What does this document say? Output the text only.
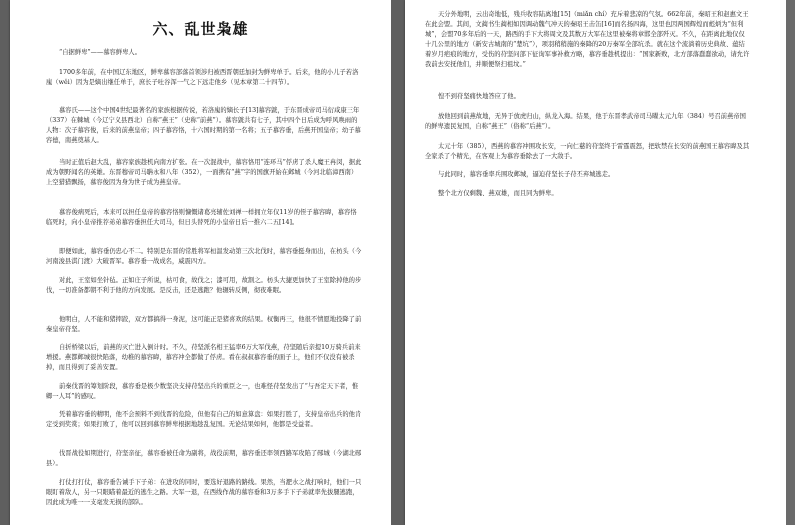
六、乱世枭雄

“自据鲜卑”——慕容鲜卑人。

1700多年前，在中国辽东地区，鲜卑慕容部落首领涉归被西晋朝廷加封为鲜卑单于。后来，他的小儿子若洛廆（wěi）因为是嫡出继任单于，庶长子吐谷浑一气之下远走他乡（见本章第二十四节）。

慕容氏——这个中国4世纪最著名的家族根据传说，若洛廆的嫡长子[13]慕容皝，于东晋成帝司马衍咸康三年（337）在棘城（今辽宁义县西北）自称“燕王”（史称“前燕”）。慕容皝共有七子，其中四个日后成为呼风唤雨的人物：次子慕容俊，后来的前燕皇帝；四子慕容恪，十六国时期的第一名将；五子慕容垂，后燕开国皇帝；幼子慕容德，南燕奠基人。

当时正值后赵大乱，慕容家族趁机向南方扩张。在一次混战中，慕容恪用“连环马”俘虏了杀人魔王冉闵，据此成为朝野闻名的英雄。东晋穆帝司马聃永和八年（352），一面携有“燕”字的国旗开始在邺城（今河北临漳西南）上空猎猎飘扬，慕容俊因为身为世子成为燕皇帝。

慕容俊病死后，本来可以担任皇帝的慕容恪则慷慨诸葛亮辅佐刘禅一样拥立年仅11岁的侄子慕容暐，慕容恪临死时，向小皇帝推荐弟弟慕容垂担任大司马，但日头替死的小皇帝日后一推六二五[14]。

即便如此，慕容垂仍忠心不二。特别是东晋的常胜将军桓温发动第三次北伐时，慕容垂挺身而出，在枋头（今河南浚县淇门渡）大破晋军。慕容垂一战成名，威震四方。

对此，王室如坐针毡。正如庄子所说，枯可食，故伐之；漆可用，故割之。枋头大捷更加快了王室除掉他的步伐，一切准备都朝不利于他的方向发展。是反击，还是逃跑？他辗转反侧，彻夜难眠。

他明白，人不能和猪摔跤，双方都搞得一身泥，这可能正是猪喜欢的结果。权衡再三，他很不情愿地投降了前秦皇帝苻坚。

自折桥梁以后，前燕的灭亡进入倒计时。不久，苻坚派名相王猛率6万大军伐燕，苻坚随后亲提10万骑兵前来增援。燕都邺城很快陷落，幼稚的慕容暐，慕容冲全都做了俘虏。看在叔叔慕容垂的面子上，他们不仅没有被杀掉，而且得到了妥善安置。

前秦伐晋的筹划阶段，慕容垂是极少数坚决支持苻坚出兵的重臣之一，也难怪苻坚发出了“与吾定天下者，惟卿一人耳”的感叹。

凭着慕容垂的精明，他不会预料不到伐晋的危险，但他有自己的如意算盘：如果打胜了，支持皇帝出兵的他肯定受到奖赏；如果打败了，他可以回到慕容鲜卑根据地趁乱复国。无论结果如何，他都是受益者。

伐晋战役如期进行，苻坚亲征，慕容垂被任命为副将，战役前期，慕容垂还率领西路军攻陷了郧城（今湖北郧县）。

打仗打打仗，慕容垂告诫手下子弟：在进攻的同时，要选好退路的路线。果然，当淝水之战打响时，他们一只眼盯着敌人，另一只眼瞄着最近的逃生之路。大军一退，在西线作战的慕容垂和3万多手下子弟就率先拔腿逃跑，因此成为唯一一支毫发无损的部队。

天分外地明，云出奇地低，残兵收容陆离地[15]（miǎn chí）充斥着悲凉的气氛。662年前，秦昭王和赵惠文王在此会盟。其间，文蔺书生蔺相如因调动魏气冲天的秦昭王击缶[16]而名扬四海，这里也因两国辉煌而彪炳为“但利城”，会盟70多年后的一天，路西的手下大将周文及其数万大军在这里被秦将章邯全部歼灭。不久，在距离此地仅仅十几公里的地方（新安古城南的“楚坑”），项羽稍稍施的秦降的20万秦军全部坑杀。就在这个流淌着历史典故、蕴结着岁月疤痕的地方，受伤的苻坚问部下征询军事补救方略，慕容垂趁机提出：“国家新败，北方部落蠢蠢欲动，请允许我前去安抚他们，并顺便祭扫祖坟。”

惶不到苻坚痛快地答应了他。

放他回到前燕故地，无异于放虎归山，纵龙入海。结果，他于东晋孝武帝司马曜太元九年（384）号召前燕帝国的鲜卑遗民复国，自称“燕王”（俗称“后燕”）。

太元十年（385），西燕的慕容冲围攻长安，一向仁慈的苻坚终于雷霆震怒，把软禁在长安的前燕国王慕容暐及其全家杀了个精光，在客观上为慕容垂除去了一大敌手。

与此同时，慕容垂率兵围攻邺城，逼迫苻坚长子苻丕弃城逃走。

整个北方仅剩魏、燕双雄，而且同为鲜卑。
